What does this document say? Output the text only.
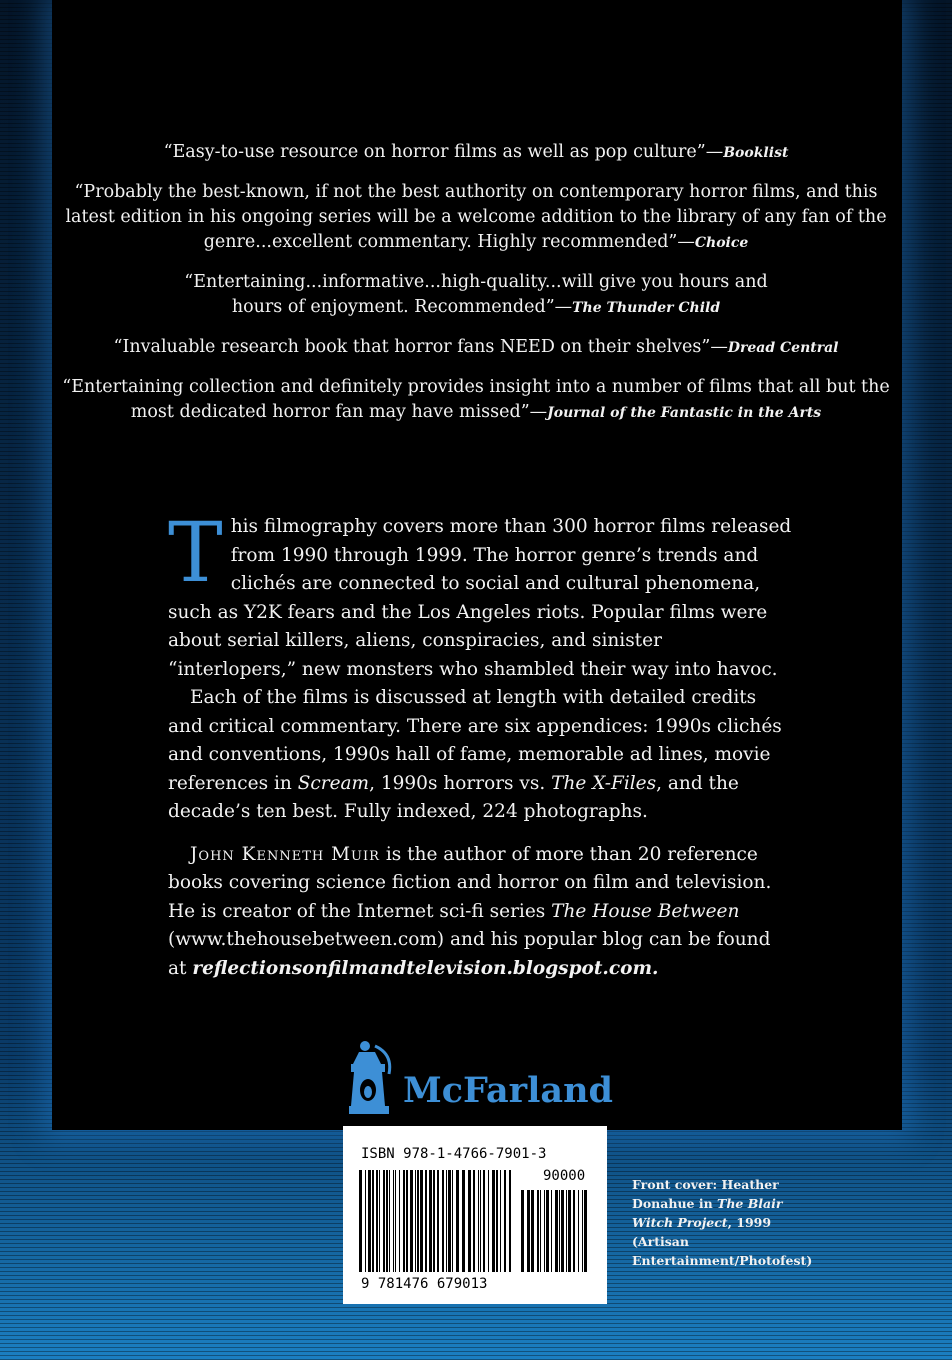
“Easy-to-use resource on horror films as well as pop culture”—Booklist

“Probably the best-known, if not the best authority on contemporary horror films, and this latest edition in his ongoing series will be a welcome addition to the library of any fan of the genre...excellent commentary. Highly recommended”—Choice

“Entertaining...informative...high-quality...will give you hours and hours of enjoyment. Recommended”—The Thunder Child

“Invaluable research book that horror fans NEED on their shelves”—Dread Central

“Entertaining collection and definitely provides insight into a number of films that all but the most dedicated horror fan may have missed”—Journal of the Fantastic in the Arts

This filmography covers more than 300 horror films released from 1990 through 1999. The horror genre’s trends and clichés are connected to social and cultural phenomena, such as Y2K fears and the Los Angeles riots. Popular films were about serial killers, aliens, conspiracies, and sinister “interlopers,” new monsters who shambled their way into havoc.

Each of the films is discussed at length with detailed credits and critical commentary. There are six appendices: 1990s clichés and conventions, 1990s hall of fame, memorable ad lines, movie references in Scream, 1990s horrors vs. The X-Files, and the decade’s ten best. Fully indexed, 224 photographs.

John Kenneth Muir is the author of more than 20 reference books covering science fiction and horror on film and television. He is creator of the Internet sci-fi series The House Between (www.thehousebetween.com) and his popular blog can be found at reflectionsonfilmandtelevision.blogspot.com.

McFarland
ISBN 978-1-4766-7901-3
90000
9 781476 679013
Front cover: Heather Donahue in The Blair Witch Project, 1999 (Artisan Entertainment/Photofest)
